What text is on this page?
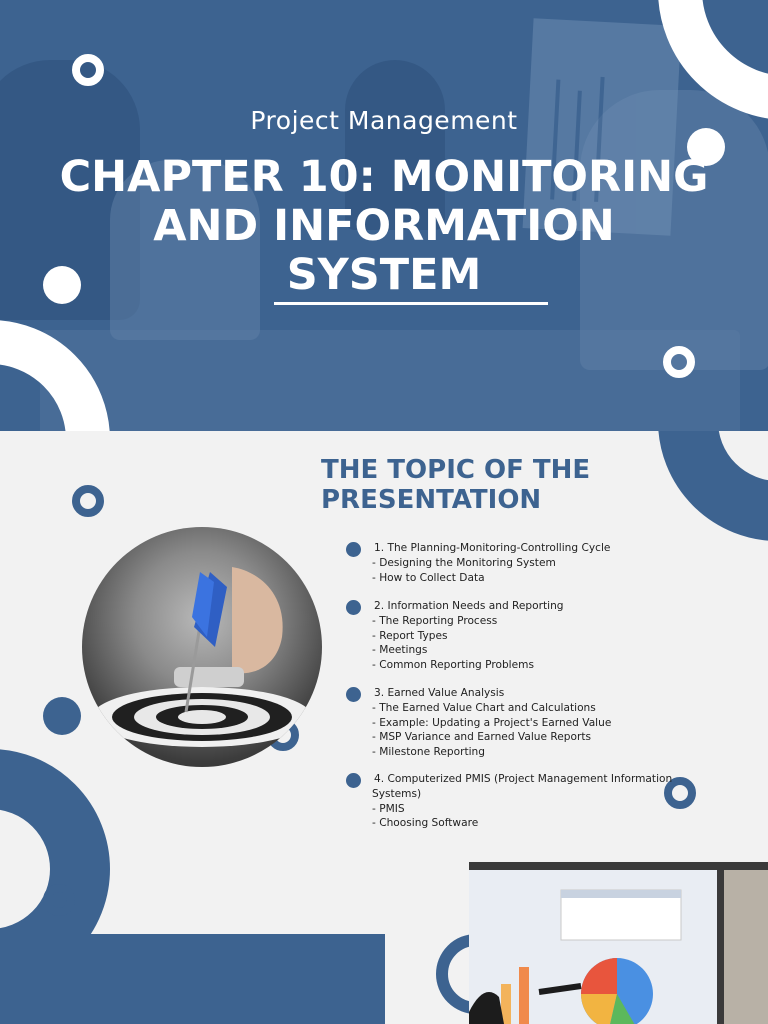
Project Management
CHAPTER 10: MONITORING
AND INFORMATION
SYSTEM
THE TOPIC OF THE
PRESENTATION
1. The Planning-Monitoring-Controlling Cycle
- Designing the Monitoring System
- How to Collect Data
2. Information Needs and Reporting
- The Reporting Process
- Report Types
- Meetings
- Common Reporting Problems
3. Earned Value Analysis
- The Earned Value Chart and Calculations
- Example: Updating a Project's Earned Value
- MSP Variance and Earned Value Reports
- Milestone Reporting
4. Computerized PMIS (Project Management Information
Systems)
- PMIS
- Choosing Software
